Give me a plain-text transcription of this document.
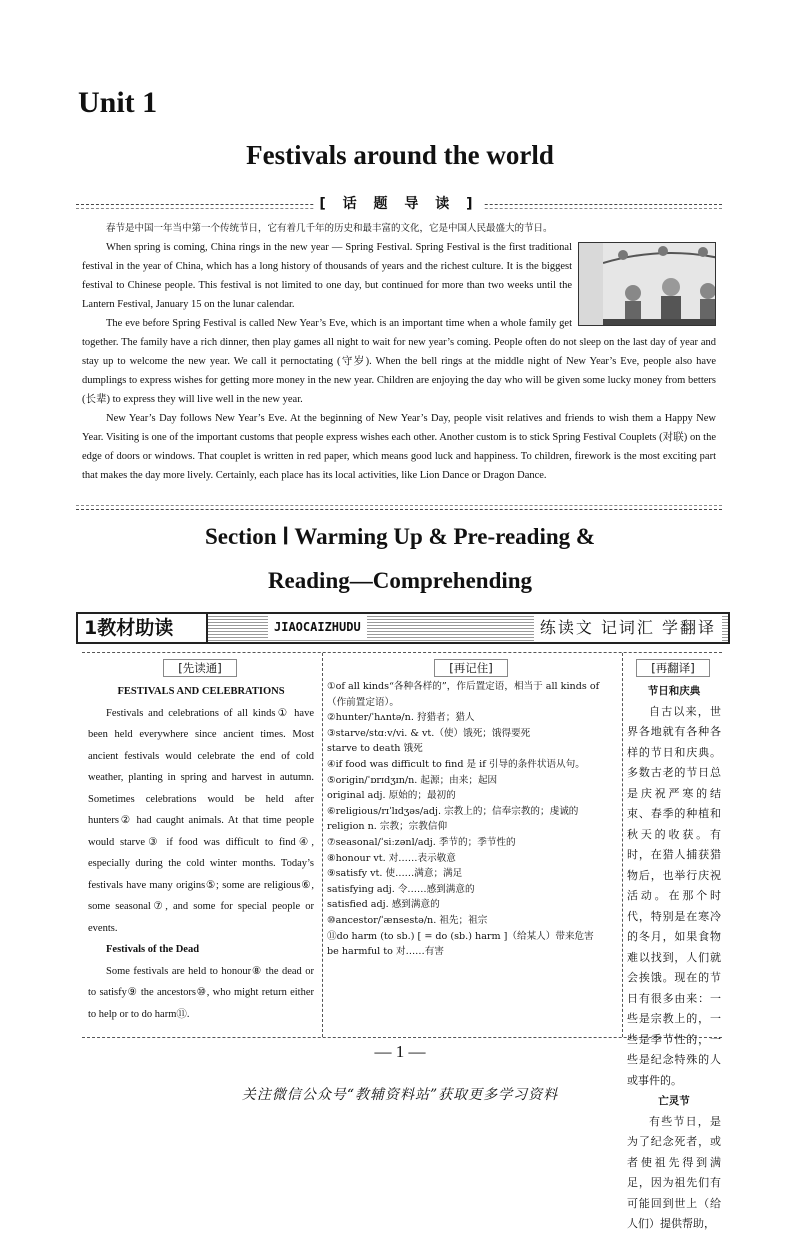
Unit 1
Festivals around the world
[ 话 题 导 读 ]

春节是中国一年当中第一个传统节日，它有着几千年的历史和最丰富的文化，它是中国人民最盛大的节日。

When spring is coming, China rings in the new year — Spring Festival. Spring Festival is the first traditional festival in the year of China, which has a long history of thousands of years and the richest culture. It is the biggest festival to Chinese people. This festival is not limited to one day, but continued for more than two weeks until the Lantern Festival, January 15 on the lunar calendar.

The eve before Spring Festival is called New Year’s Eve, which is an important time when a whole family get together. The family have a rich dinner, then play games all night to wait for new year’s coming. People often do not sleep on the last day of year and stay up to welcome the new year. We call it pernoctating (守岁). When the bell rings at the middle night of New Year’s Eve, people also have dumplings to express wishes for getting more money in the new year. Children are enjoying the day who will be given some lucky money from betters (长辈) to express they will live well in the new year.

New Year’s Day follows New Year’s Eve. At the beginning of New Year’s Day, people visit relatives and friends to wish them a Happy New Year. Visiting is one of the important customs that people express wishes each other. Another custom is to stick Spring Festival Couplets (对联) on the edge of doors or windows. That couplet is written in red paper, which means good luck and happiness. To children, firework is the most exciting part that makes the day more lively. Certainly, each place has its local activities, like Lion Dance or Dragon Dance.

Section Ⅰ Warming Up & Pre-reading &
Reading—Comprehending
1教材助读	JIAOCAIZHUDU	练读文 记词汇 学翻译
[先读通]
FESTIVALS AND CELEBRATIONS

Festivals and celebrations of all kinds① have been held everywhere since ancient times. Most ancient festivals would celebrate the end of cold weather, planting in spring and harvest in autumn. Sometimes celebrations would be held after hunters② had caught animals. At that time people would starve③ if food was difficult to find④, especially during the cold winter months. Today’s festivals have many origins⑤; some are religious⑥, some seasonal⑦, and some for special people or events.

Festivals of the Dead

Some festivals are held to honour⑧ the dead or to satisfy⑨ the ancestors⑩, who might return either to help or to do harm⑪.

[再记住]
①of all kinds“各种各样的”，作后置定语，相当于 all kinds of（作前置定语）。
②hunter/ˈhʌntə/n. 狩猎者；猎人
③starve/stɑːv/vi. & vt.（使）饿死；饿得要死
starve to death 饿死
④if food was difficult to find 是 if 引导的条件状语从句。
⑤origin/ˈɒrɪdʒɪn/n. 起源；由来；起因
original adj. 原始的；最初的
⑥religious/rɪˈlɪdʒəs/adj. 宗教上的；信奉宗教的；虔诚的
religion n. 宗教；宗教信仰
⑦seasonal/ˈsiːzənl/adj. 季节的；季节性的
⑧honour vt. 对……表示敬意
⑨satisfy vt. 使……满意；满足
satisfying adj. 令……感到满意的
satisfied adj. 感到满意的
⑩ancestor/ˈænsestə/n. 祖先；祖宗
⑪do harm (to sb.) [ = do (sb.) harm ]（给某人）带来危害
be harmful to 对……有害
[再翻译]
节日和庆典

自古以来，世界各地就有各种各样的节日和庆典。多数古老的节日总是庆祝严寒的结束、春季的种植和秋天的收获。有时，在猎人捕获猎物后，也举行庆祝活动。在那个时代，特别是在寒冷的冬月，如果食物难以找到，人们就会挨饿。现在的节日有很多由来：一些是宗教上的，一些是季节性的，一些是纪念特殊的人或事件的。

亡灵节

有些节日，是为了纪念死者，或者使祖先得到满足，因为祖先们有可能回到世上（给人们）提供帮助，

— 1 —
关注微信公众号“教辅资料站”获取更多学习资料
